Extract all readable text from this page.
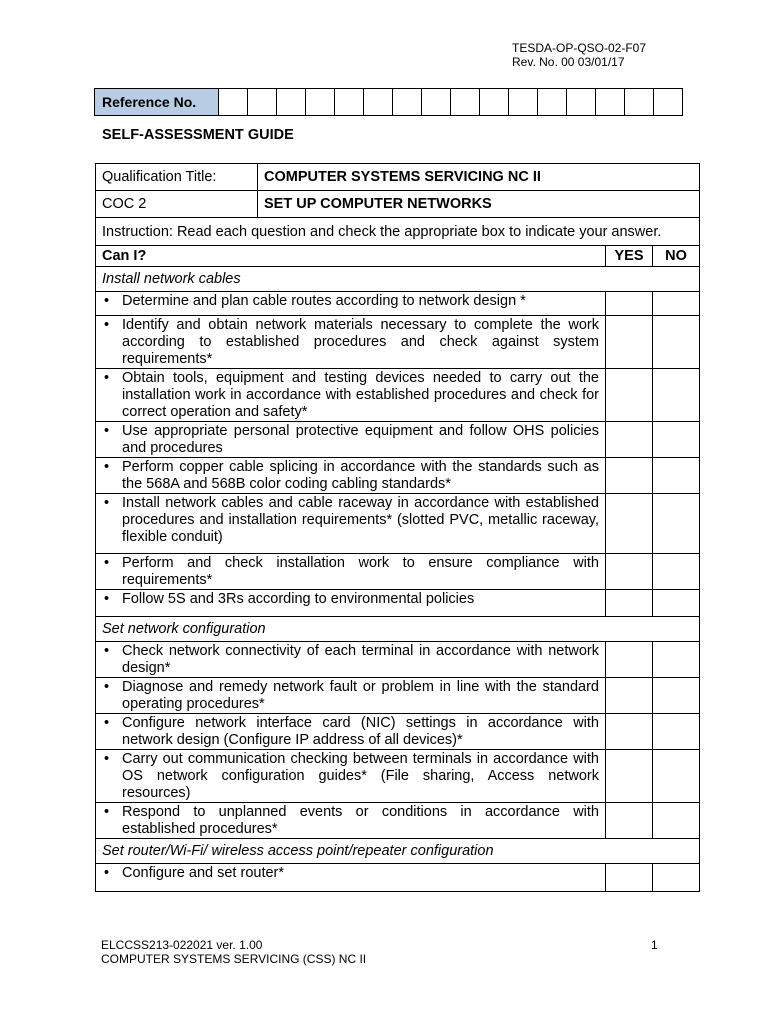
TESDA-OP-QSO-02-F07
Rev. No. 00 03/01/17
Reference No.																
SELF-ASSESSMENT GUIDE
Qualification Title:	COMPUTER SYSTEMS SERVICING NC II		
COC 2	SET UP COMPUTER NETWORKS		
Instruction: Read each question and check the appropriate box to indicate your answer.			
Can I?		YES	NO
Install network cables			

• Determine and plan cable routes according to network design *			

• Identify and obtain network materials necessary to complete the work according to established procedures and check against system requirements*			

• Obtain tools, equipment and testing devices needed to carry out the installation work in accordance with established procedures and check for correct operation and safety*			

• Use appropriate personal protective equipment and follow OHS policies and procedures			

• Perform copper cable splicing in accordance with the standards such as the 568A and 568B color coding cabling standards*			

• Install network cables and cable raceway in accordance with established procedures and installation requirements* (slotted PVC, metallic raceway, flexible conduit)			

• Perform and check installation work to ensure compliance with requirements*			

• Follow 5S and 3Rs according to environmental policies			

Set network configuration			

• Check network connectivity of each terminal in accordance with network design*			

• Diagnose and remedy network fault or problem in line with the standard operating procedures*			

• Configure network interface card (NIC) settings in accordance with network design (Configure IP address of all devices)*			

• Carry out communication checking between terminals in accordance with OS network configuration guides* (File sharing, Access network resources)			

• Respond to unplanned events or conditions in accordance with established procedures*			

Set router/Wi-Fi/ wireless access point/repeater configuration			

• Configure and set router*			

ELCCSS213-022021 ver. 1.00
COMPUTER SYSTEMS SERVICING (CSS) NC II
1
